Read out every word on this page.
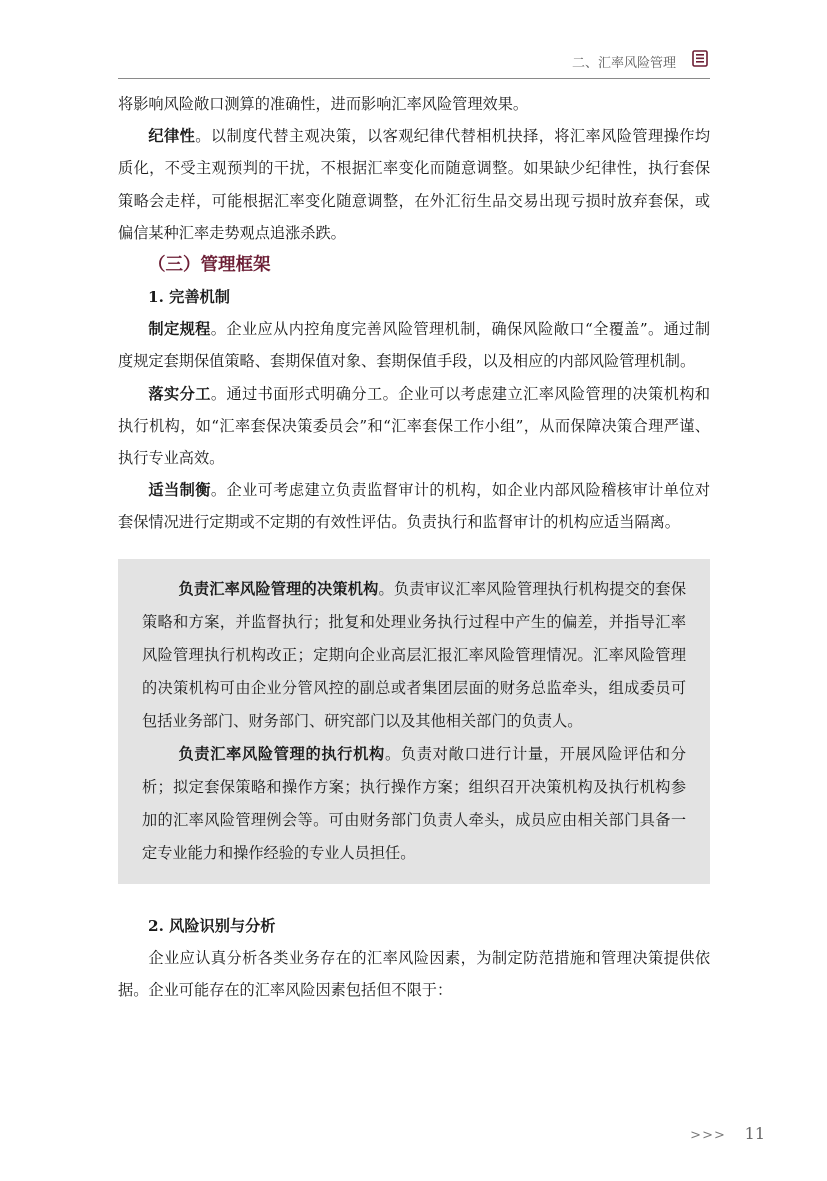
二、汇率风险管理

将影响风险敞口测算的准确性，进而影响汇率风险管理效果。

纪律性。以制度代替主观决策，以客观纪律代替相机抉择，将汇率风险管理操作均质化，不受主观预判的干扰，不根据汇率变化而随意调整。如果缺少纪律性，执行套保策略会走样，可能根据汇率变化随意调整，在外汇衍生品交易出现亏损时放弃套保，或偏信某种汇率走势观点追涨杀跌。

（三）管理框架
1. 完善机制

制定规程。企业应从内控角度完善风险管理机制，确保风险敞口“全覆盖”。通过制度规定套期保值策略、套期保值对象、套期保值手段，以及相应的内部风险管理机制。

落实分工。通过书面形式明确分工。企业可以考虑建立汇率风险管理的决策机构和执行机构，如“汇率套保决策委员会”和“汇率套保工作小组”，从而保障决策合理严谨、执行专业高效。

适当制衡。企业可考虑建立负责监督审计的机构，如企业内部风险稽核审计单位对套保情况进行定期或不定期的有效性评估。负责执行和监督审计的机构应适当隔离。

负责汇率风险管理的决策机构。负责审议汇率风险管理执行机构提交的套保策略和方案，并监督执行；批复和处理业务执行过程中产生的偏差，并指导汇率风险管理执行机构改正；定期向企业高层汇报汇率风险管理情况。汇率风险管理的决策机构可由企业分管风控的副总或者集团层面的财务总监牵头，组成委员可包括业务部门、财务部门、研究部门以及其他相关部门的负责人。

负责汇率风险管理的执行机构。负责对敞口进行计量，开展风险评估和分析；拟定套保策略和操作方案；执行操作方案；组织召开决策机构及执行机构参加的汇率风险管理例会等。可由财务部门负责人牵头，成员应由相关部门具备一定专业能力和操作经验的专业人员担任。

2. 风险识别与分析

企业应认真分析各类业务存在的汇率风险因素，为制定防范措施和管理决策提供依据。企业可能存在的汇率风险因素包括但不限于：

>>> 11
